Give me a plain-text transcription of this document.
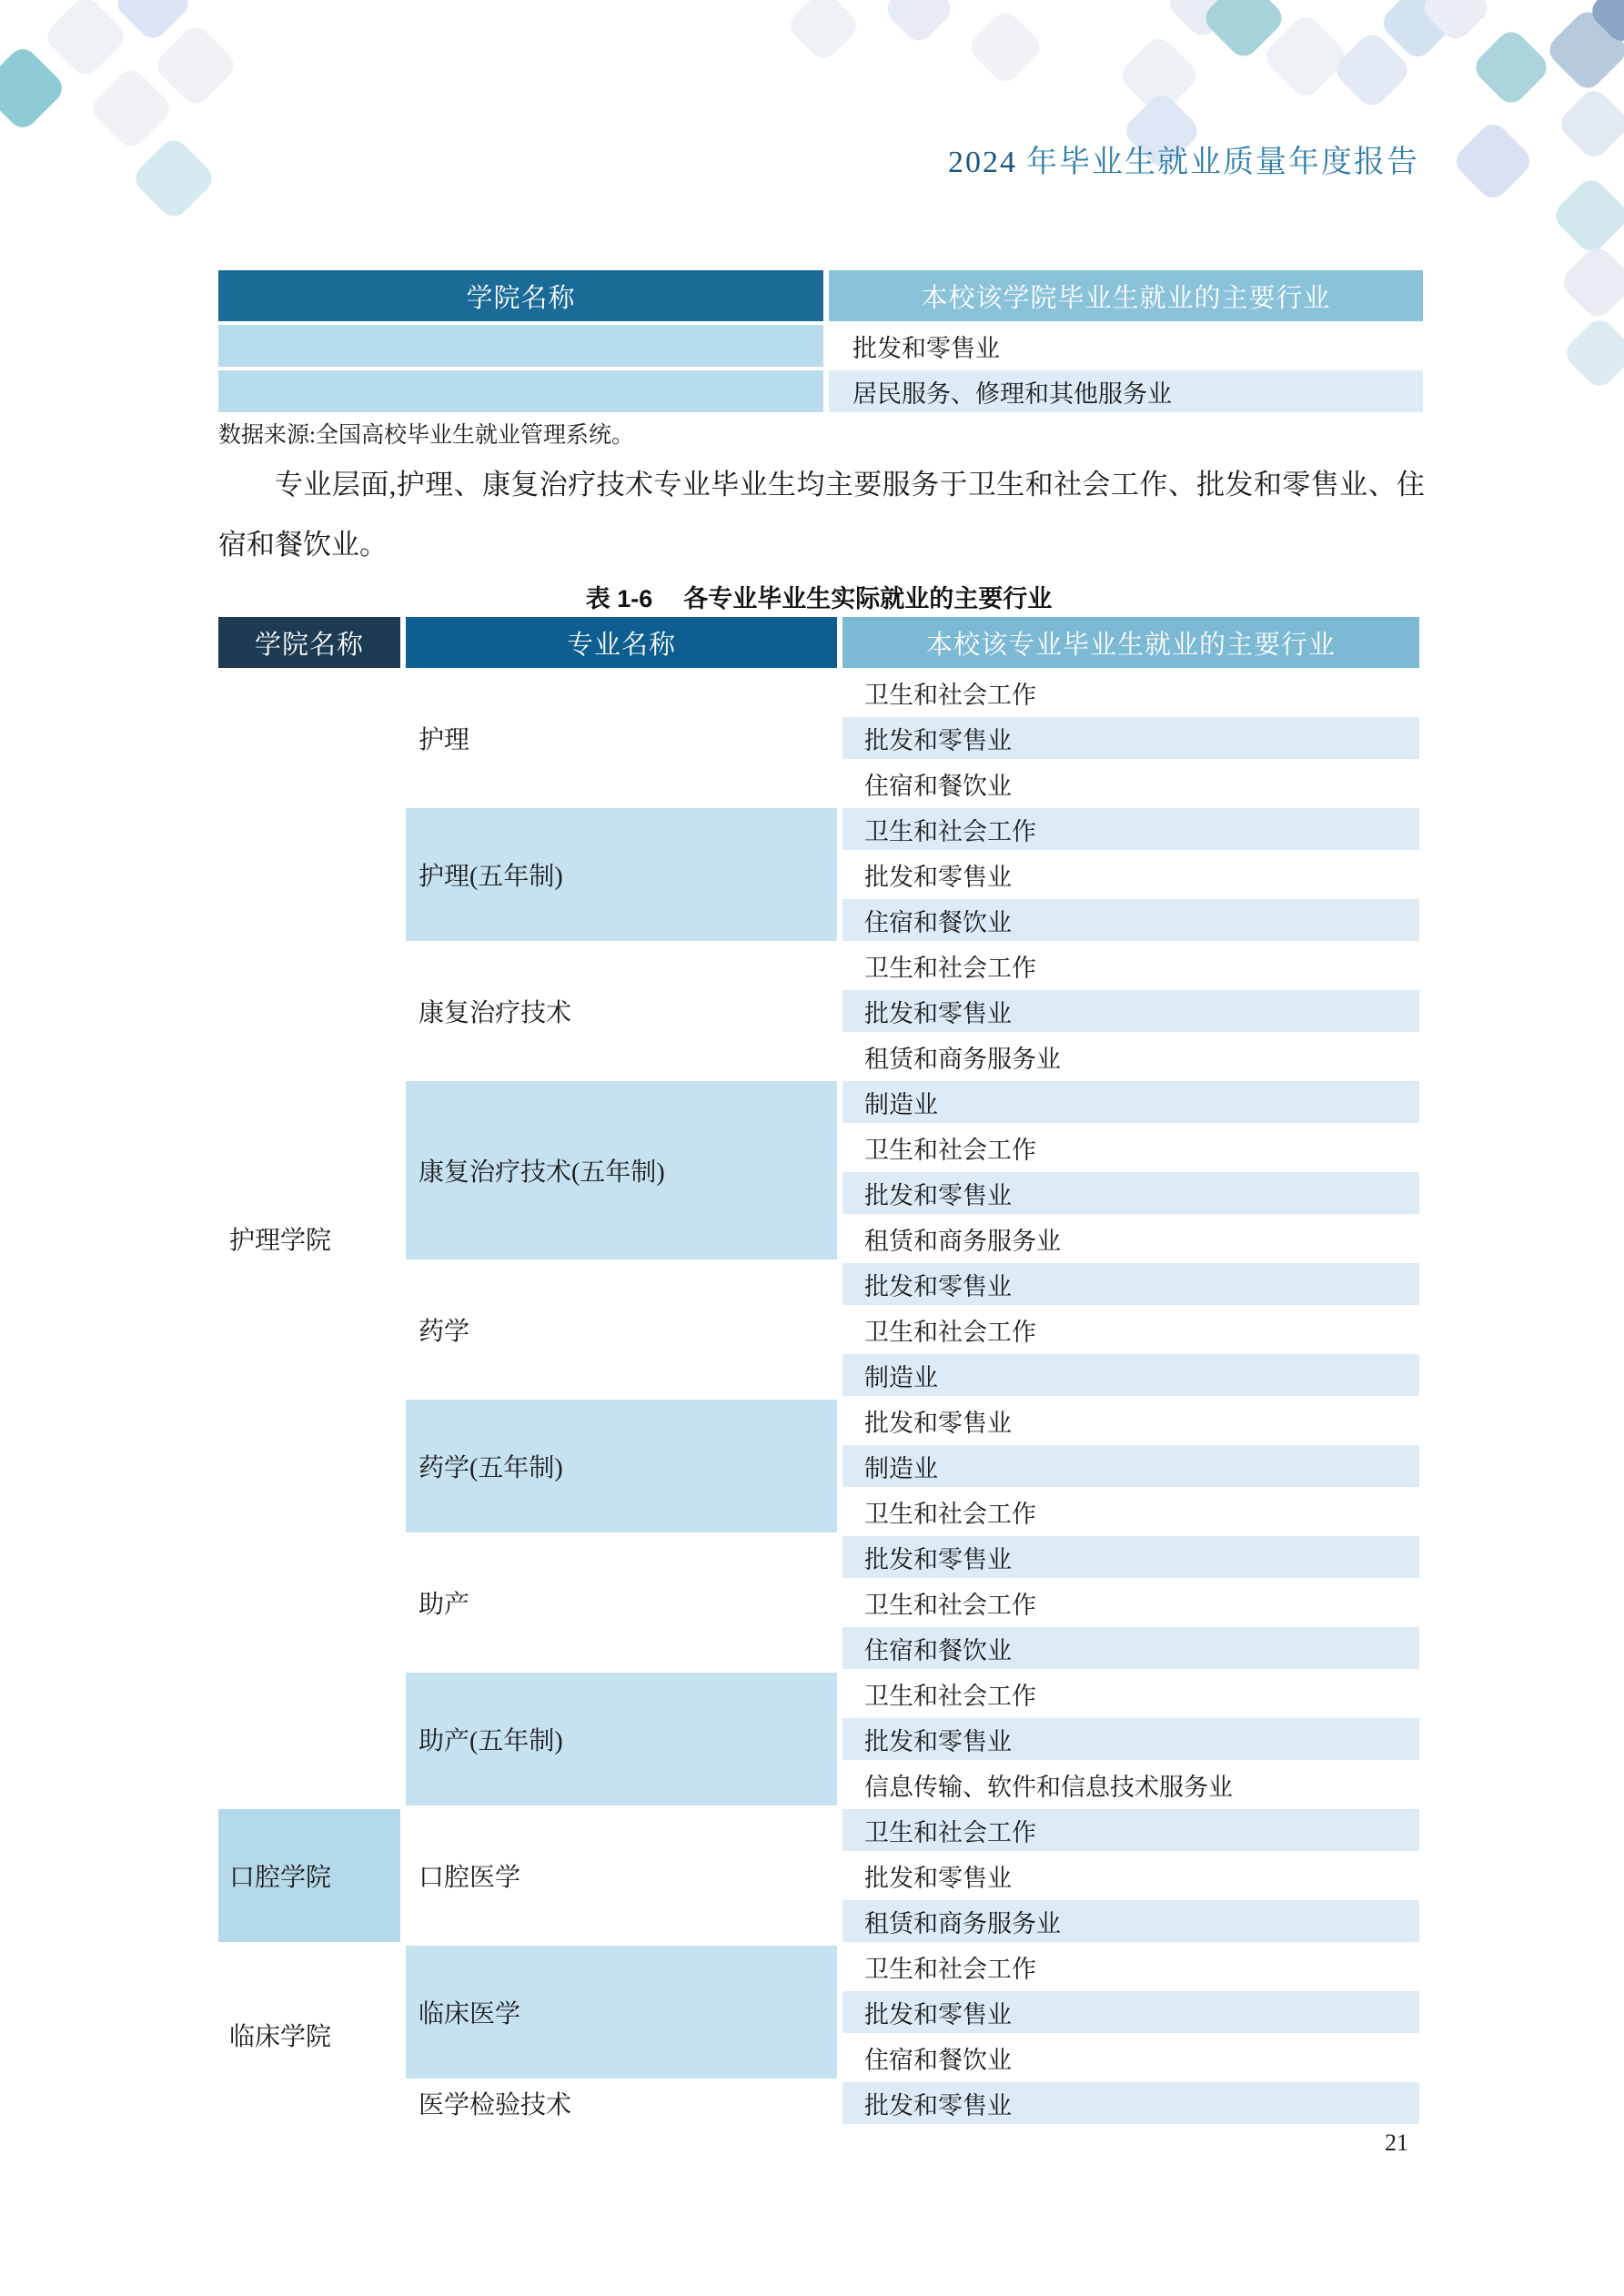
2024 年毕业生就业质量年度报告
学院名称	本校该学院毕业生就业的主要行业
	批发和零售业
	居民服务、修理和其他服务业
数据来源:全国高校毕业生就业管理系统。

专业层面,护理、康复治疗技术专业毕业生均主要服务于卫生和社会工作、批发和零售业、住宿和餐饮业。

表 1-6 各专业毕业生实际就业的主要行业
学院名称	专业名称	本校该专业毕业生就业的主要行业
护理学院	护理	卫生和社会工作
		批发和零售业
		住宿和餐饮业
	护理(五年制)	卫生和社会工作
		批发和零售业
		住宿和餐饮业
	康复治疗技术	卫生和社会工作
		批发和零售业
		租赁和商务服务业
	康复治疗技术(五年制)	制造业
		卫生和社会工作
		批发和零售业
		租赁和商务服务业
	药学	批发和零售业
		卫生和社会工作
		制造业
	药学(五年制)	批发和零售业
		制造业
		卫生和社会工作
	助产	批发和零售业
		卫生和社会工作
		住宿和餐饮业
	助产(五年制)	卫生和社会工作
		批发和零售业
		信息传输、软件和信息技术服务业
口腔学院	口腔医学	卫生和社会工作
		批发和零售业
		租赁和商务服务业
临床学院	临床医学	卫生和社会工作
		批发和零售业
		住宿和餐饮业
	医学检验技术	批发和零售业
21
